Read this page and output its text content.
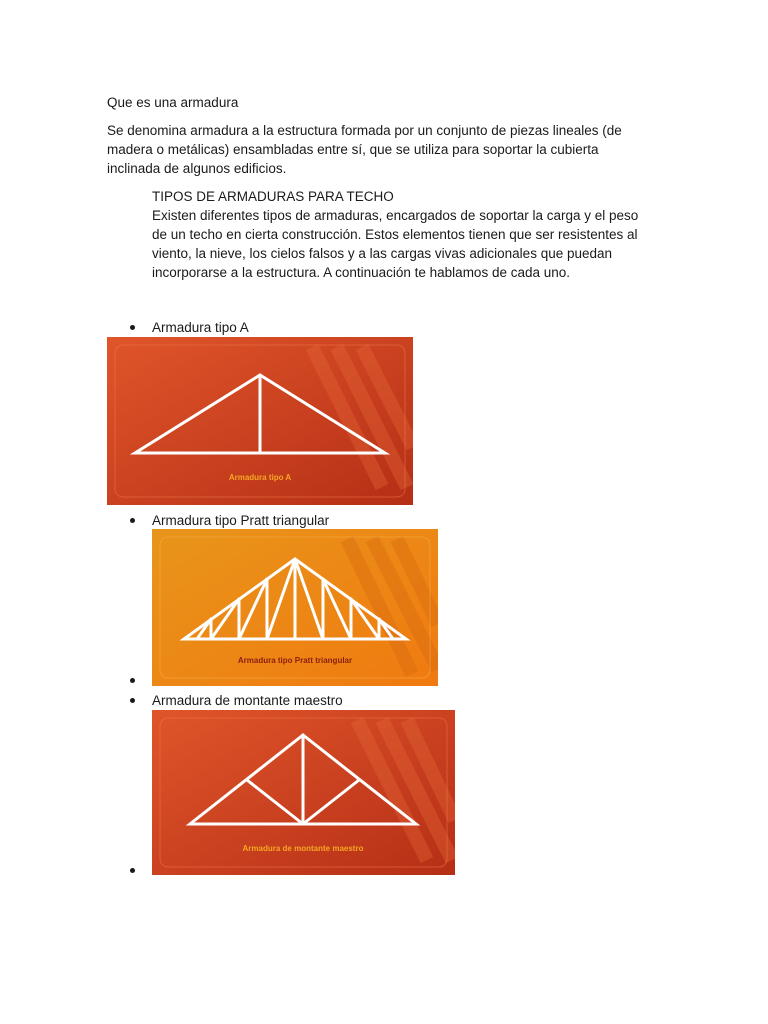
Que es una armadura
Se denomina armadura a la estructura formada por un conjunto de piezas lineales (de madera o metálicas) ensambladas entre sí, que se utiliza para soportar la cubierta inclinada de algunos edificios.
TIPOS DE ARMADURAS PARA TECHO
Existen diferentes tipos de armaduras, encargados de soportar la carga y el peso de un techo en cierta construcción. Estos elementos tienen que ser resistentes al viento, la nieve, los cielos falsos y a las cargas vivas adicionales que puedan incorporarse a la estructura. A continuación te hablamos de cada uno.
Armadura tipo A
Armadura tipo A
Armadura tipo Pratt triangular
Armadura tipo Pratt triangular
Armadura de montante maestro
Armadura de montante maestro
